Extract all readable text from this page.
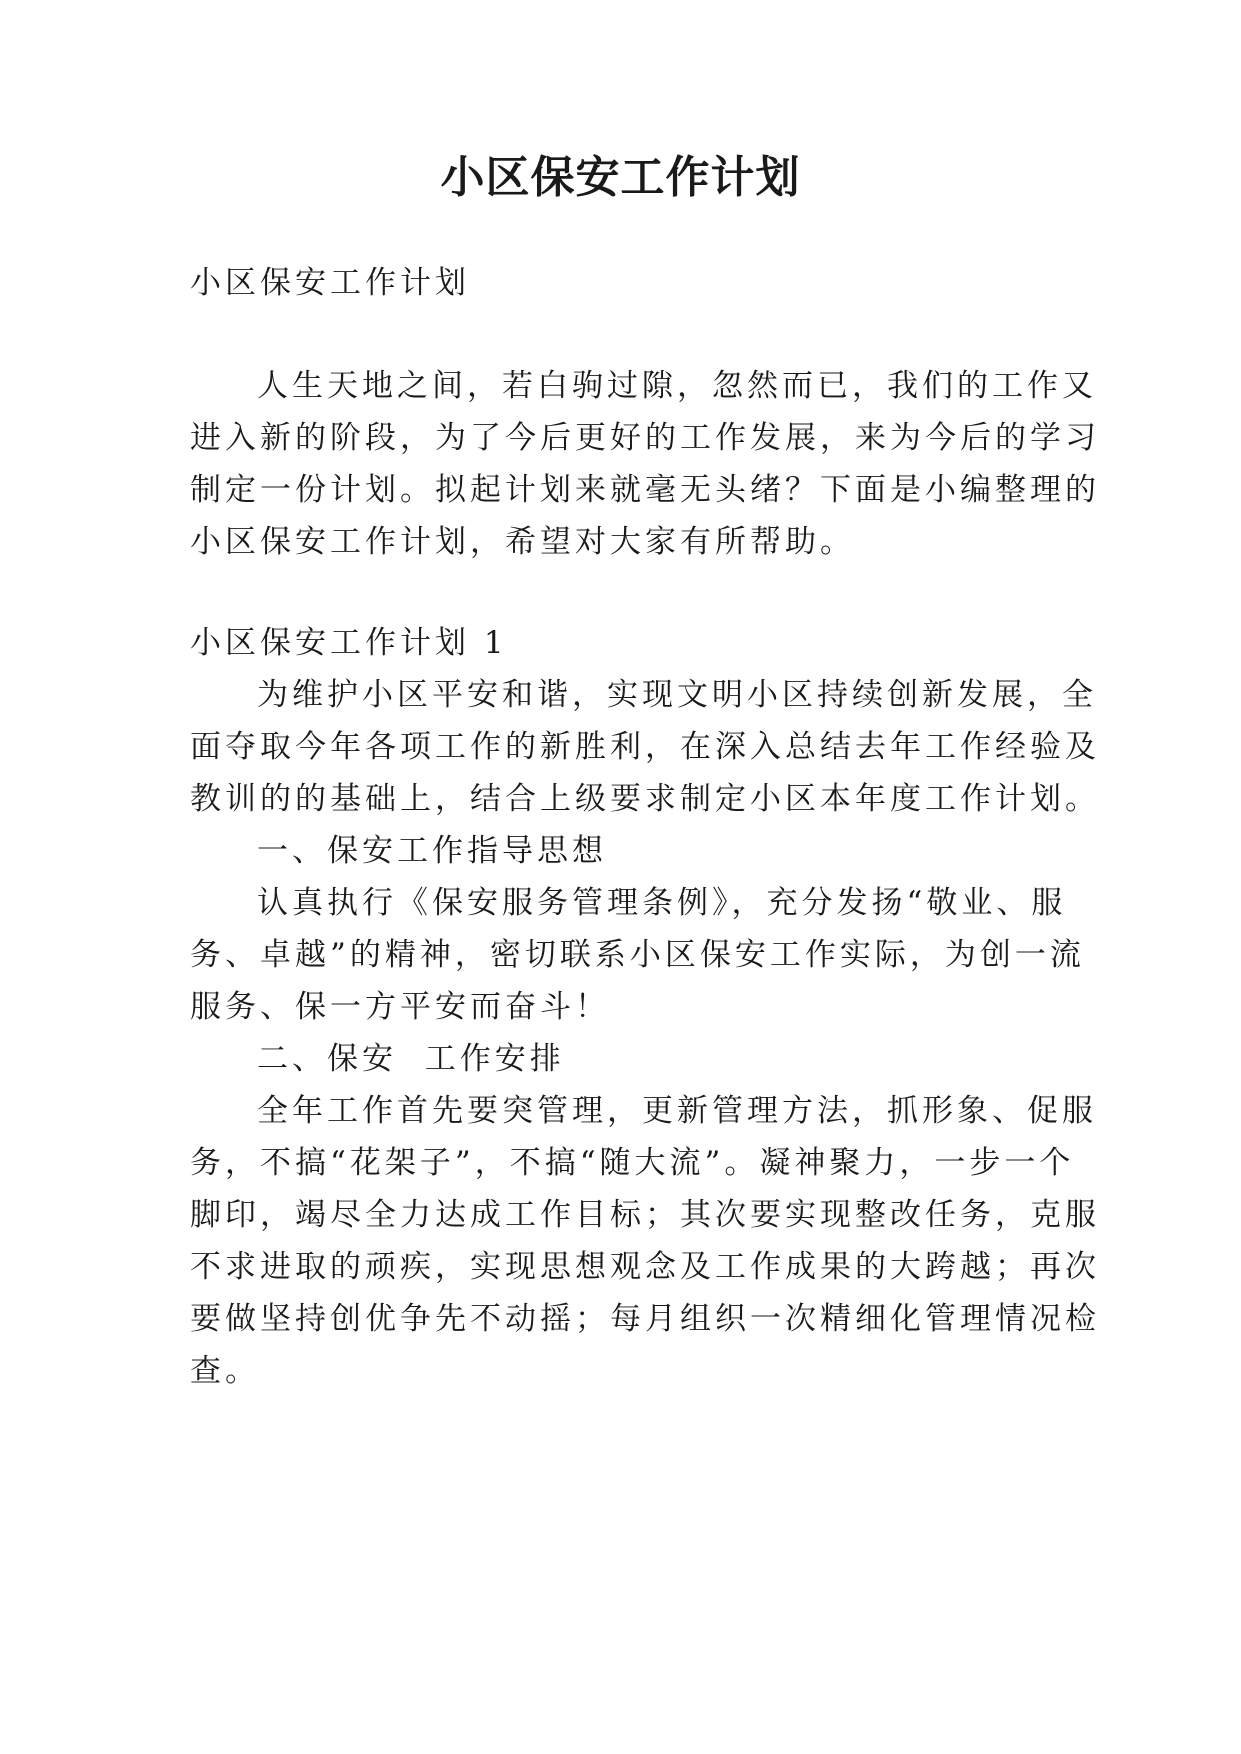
小区保安工作计划

小区保安工作计划

人生天地之间，若白驹过隙，忽然而已，我们的工作又

进入新的阶段，为了今后更好的工作发展，来为今后的学习

制定一份计划。拟起计划来就毫无头绪？下面是小编整理的

小区保安工作计划，希望对大家有所帮助。

小区保安工作计划 1

为维护小区平安和谐，实现文明小区持续创新发展，全

面夺取今年各项工作的新胜利，在深入总结去年工作经验及

教训的的基础上，结合上级要求制定小区本年度工作计划。

一、保安工作指导思想

认真执行《保安服务管理条例》，充分发扬“敬业、服

务、卓越”的精神，密切联系小区保安工作实际，为创一流

服务、保一方平安而奋斗！

二、保安  工作安排

全年工作首先要突管理，更新管理方法，抓形象、促服

务，不搞“花架子”，不搞“随大流”。凝神聚力，一步一个

脚印，竭尽全力达成工作目标；其次要实现整改任务，克服

不求进取的顽疾，实现思想观念及工作成果的大跨越；再次

要做坚持创优争先不动摇；每月组织一次精细化管理情况检

查。
